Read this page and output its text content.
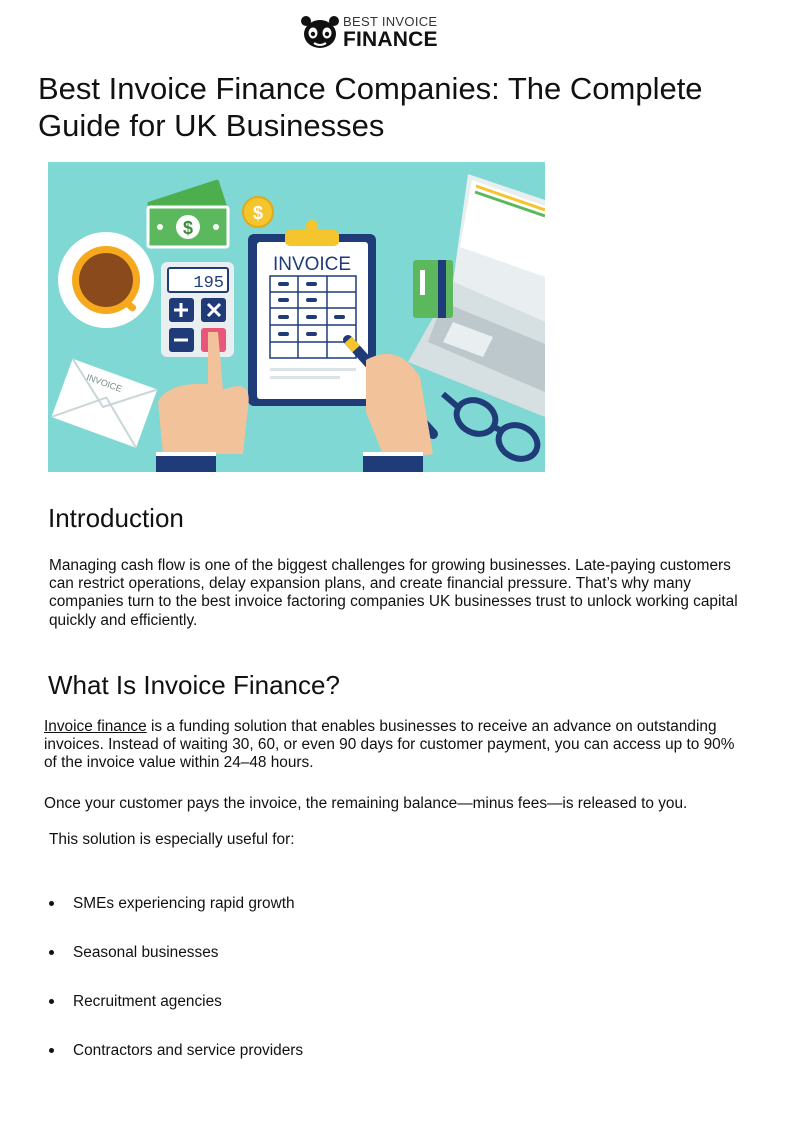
BEST INVOICE
FINANCE
Best Invoice Finance Companies: The Complete Guide for UK Businesses
$
$
INVOICE
195
INVOICE
Introduction

Managing cash flow is one of the biggest challenges for growing businesses. Late-paying customers can restrict operations, delay expansion plans, and create financial pressure. That’s why many companies turn to the best invoice factoring companies UK businesses trust to unlock working capital quickly and efficiently.

What Is Invoice Finance?

Invoice finance is a funding solution that enables businesses to receive an advance on outstanding invoices. Instead of waiting 30, 60, or even 90 days for customer payment, you can access up to 90% of the invoice value within 24–48 hours.

Once your customer pays the invoice, the remaining balance—minus fees—is released to you.

This solution is especially useful for:

SMEs experiencing rapid growth
Seasonal businesses
Recruitment agencies
Contractors and service providers
